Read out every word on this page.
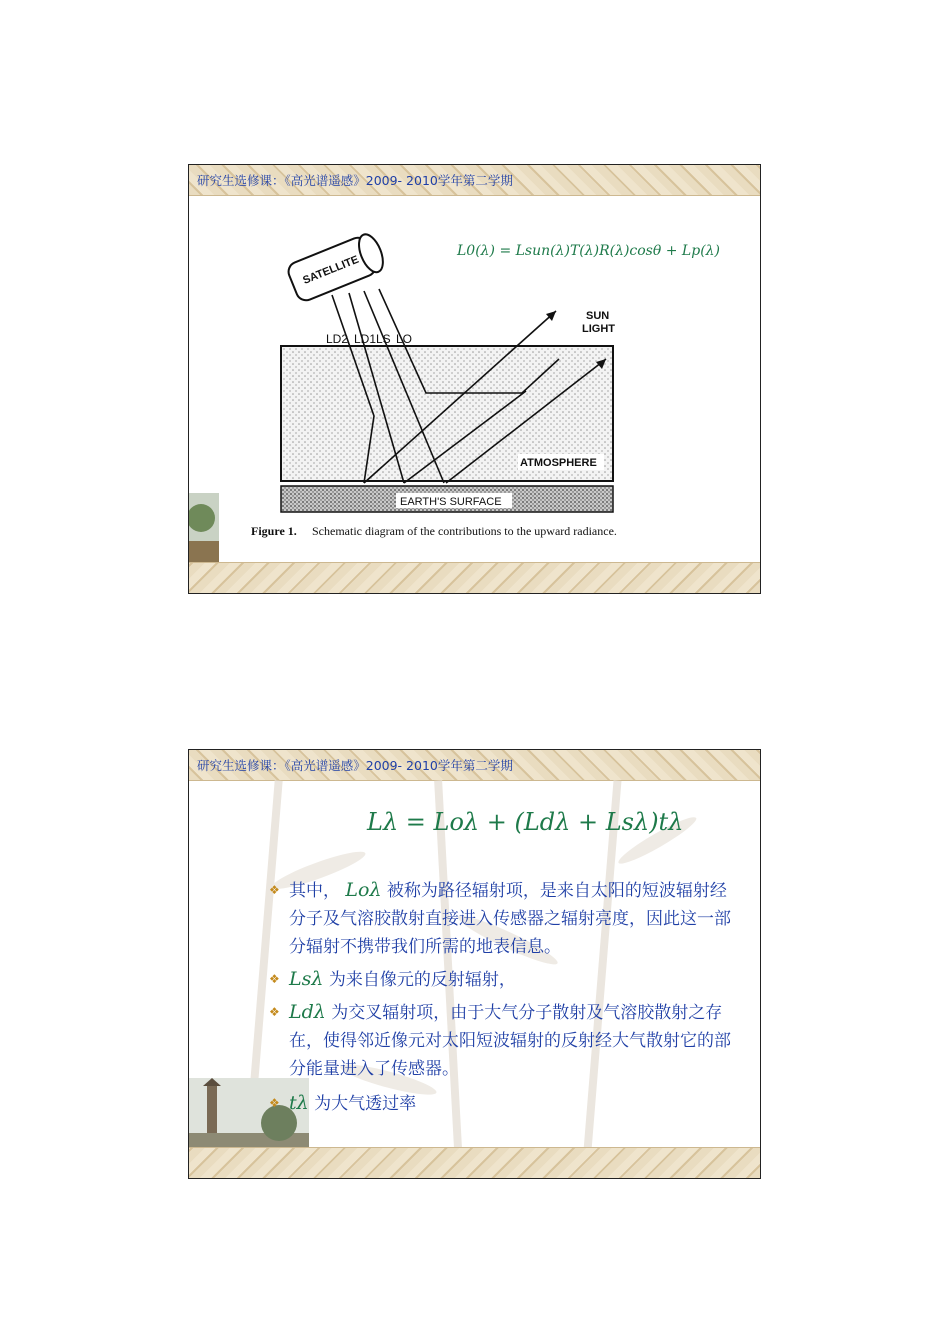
研究生选修课：《高光谱遥感》2009- 2010学年第二学期
SATELLITE
LD2 LD1 LS LO
SUN
LIGHT
ATMOSPHERE
EARTH'S SURFACE
Figure 1. Schematic diagram of the contributions to the upward radiance.
L0(λ) = Lsun(λ)T(λ)R(λ)cosθ + Lp(λ)
研究生选修课：《高光谱遥感》2009- 2010学年第二学期
Lλ = Loλ + (Ldλ + Lsλ)tλ
❖ 其中， Loλ 被称为路径辐射项，是来自太阳的短波辐射经分子及气溶胶散射直接进入传感器之辐射亮度，因此这一部分辐射不携带我们所需的地表信息。
❖ Lsλ 为来自像元的反射辐射，
❖ Ldλ 为交叉辐射项，由于大气分子散射及气溶胶散射之存在，使得邻近像元对太阳短波辐射的反射经大气散射它的部分能量进入了传感器。
❖ tλ 为大气透过率
